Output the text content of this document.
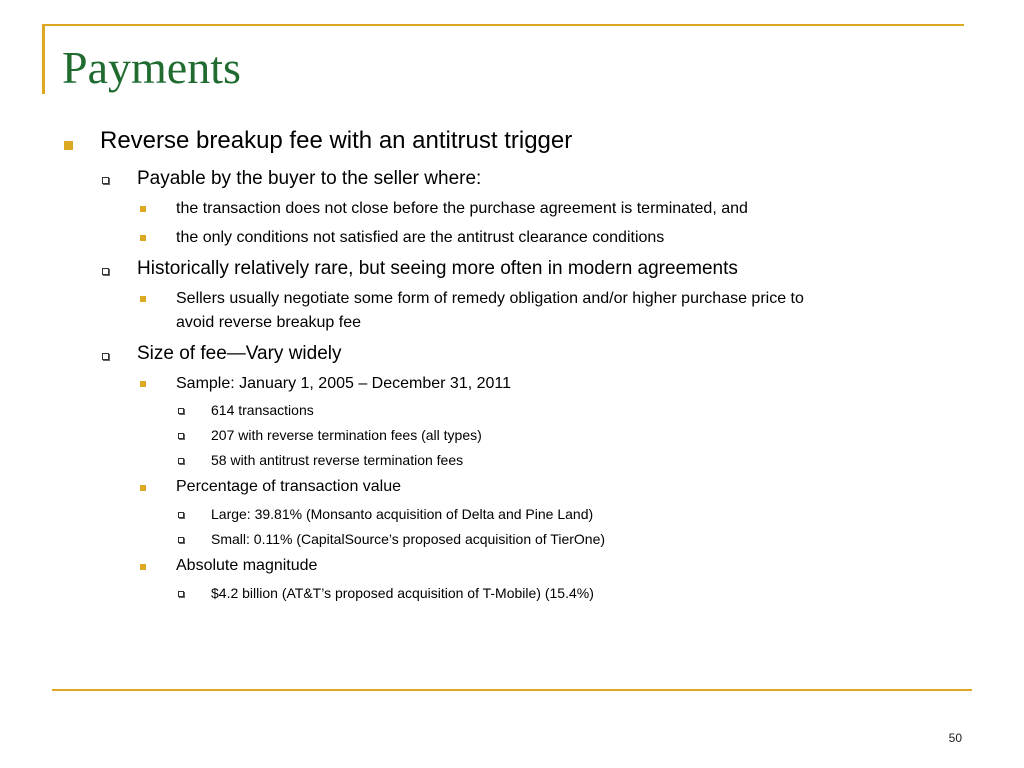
Payments
Reverse breakup fee with an antitrust trigger
Payable by the buyer to the seller where:
the transaction does not close before the purchase agreement is terminated, and
the only conditions not satisfied are the antitrust clearance conditions
Historically relatively rare, but seeing more often in modern agreements
Sellers usually negotiate some form of remedy obligation and/or higher purchase price to
avoid reverse breakup fee
Size of fee—Vary widely
Sample: January 1, 2005 – December 31, 2011
614 transactions
207 with reverse termination fees (all types)
58 with antitrust reverse termination fees
Percentage of transaction value
Large: 39.81% (Monsanto acquisition of Delta and Pine Land)
Small: 0.11% (CapitalSource’s proposed acquisition of TierOne)
Absolute magnitude
$4.2 billion (AT&T’s proposed acquisition of T-Mobile) (15.4%)
50
